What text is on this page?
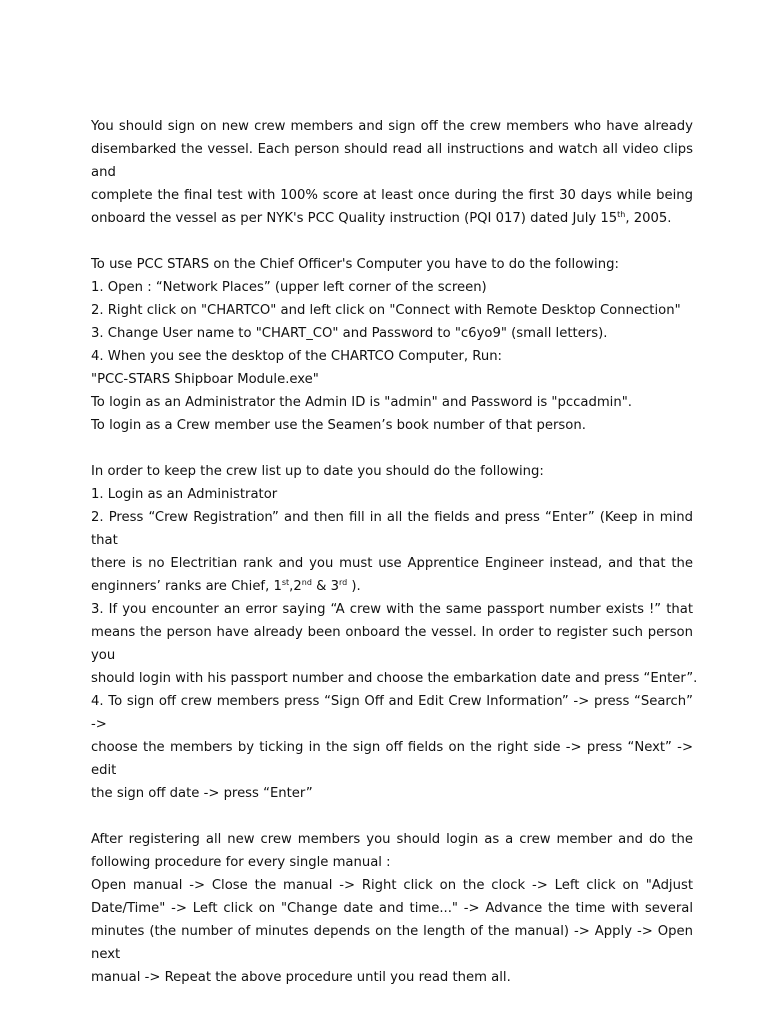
You should sign on new crew members and sign off the crew members who have already
disembarked the vessel. Each person should read all instructions and watch all video clips and
complete the final test with 100% score at least once during the first 30 days while being
onboard the vessel as per NYK's PCC Quality instruction (PQI 017) dated July 15th, 2005.
To use PCC STARS on the Chief Officer's Computer you have to do the following:
1. Open : “Network Places” (upper left corner of the screen)
2. Right click on "CHARTCO" and left click on "Connect with Remote Desktop Connection"
3. Change User name to "CHART_CO" and Password to "c6yo9" (small letters).
4. When you see the desktop of the CHARTCO Computer, Run:
"PCC-STARS Shipboar Module.exe"
To login as an Administrator the Admin ID is "admin" and Password is "pccadmin".
To login as a Crew member use the Seamen’s book number of that person.
In order to keep the crew list up to date you should do the following:
1. Login as an Administrator
2. Press “Crew Registration” and then fill in all the fields and press “Enter” (Keep in mind that
there is no Electritian rank and you must use Apprentice Engineer instead, and that the
enginners’ ranks are Chief, 1st,2nd & 3rd ).
3. If you encounter an error saying “A crew with the same passport number exists !” that
means the person have already been onboard the vessel. In order to register such person you
should login with his passport number and choose the embarkation date and press “Enter”.
4. To sign off crew members press “Sign Off and Edit Crew Information” -> press “Search” ->
choose the members by ticking in the sign off fields on the right side -> press “Next” -> edit
the sign off date -> press “Enter”
After registering all new crew members you should login as a crew member and do the
following procedure for every single manual :
Open manual -> Close the manual -> Right click on the clock -> Left click on "Adjust
Date/Time" -> Left click on "Change date and time..." -> Advance the time with several
minutes (the number of minutes depends on the length of the manual) -> Apply -> Open next
manual -> Repeat the above procedure until you read them all.
